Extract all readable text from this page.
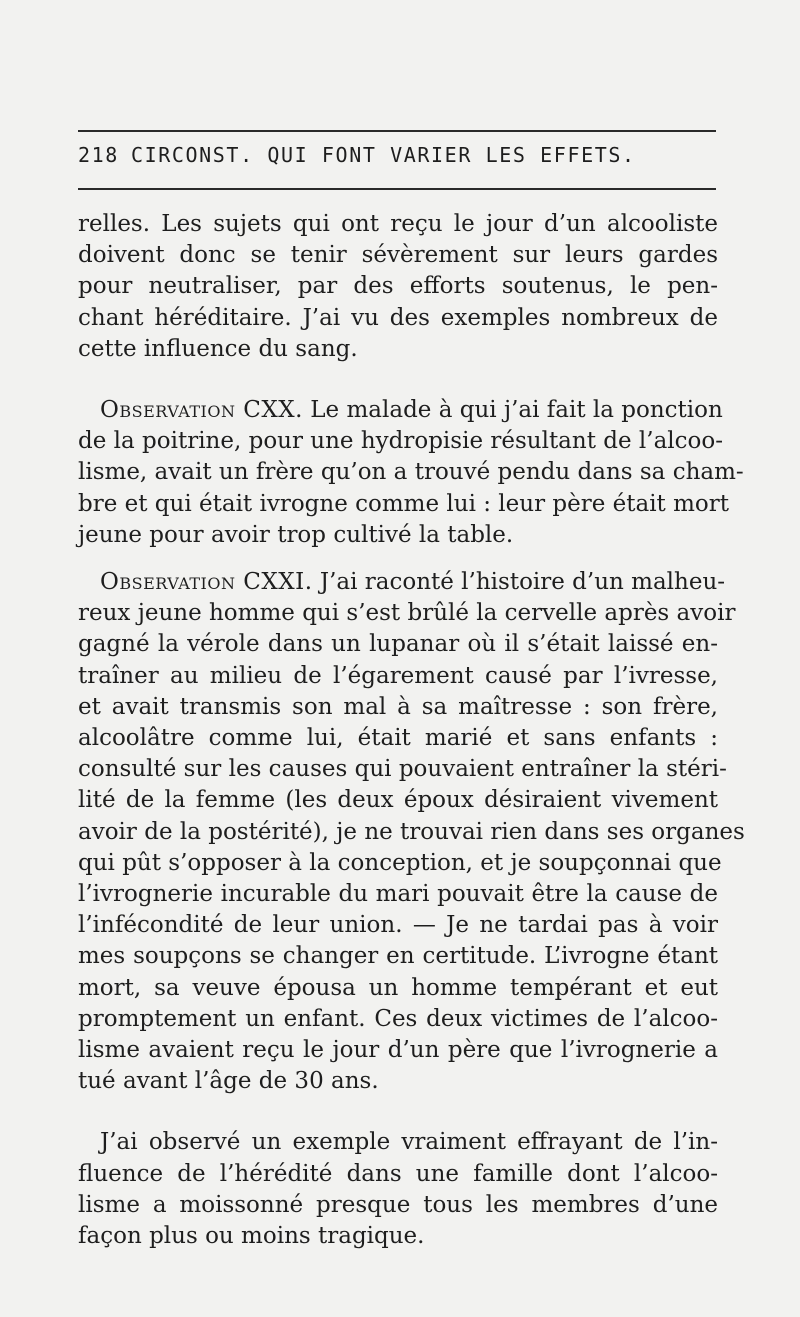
218 CIRCONST. QUI FONT VARIER LES EFFETS.
relles. Les sujets qui ont reçu le jour d’un alcooliste
doivent donc se tenir sévèrement sur leurs gardes
pour neutraliser, par des efforts soutenus, le pen-
chant héréditaire. J’ai vu des exemples nombreux de
cette influence du sang.
Observation CXX. Le malade à qui j’ai fait la ponction
de la poitrine, pour une hydropisie résultant de l’alcoo-
lisme, avait un frère qu’on a trouvé pendu dans sa cham-
bre et qui était ivrogne comme lui : leur père était mort
jeune pour avoir trop cultivé la table.
Observation CXXI. J’ai raconté l’histoire d’un malheu-
reux jeune homme qui s’est brûlé la cervelle après avoir
gagné la vérole dans un lupanar où il s’était laissé en-
traîner au milieu de l’égarement causé par l’ivresse,
et avait transmis son mal à sa maîtresse : son frère,
alcoolâtre comme lui, était marié et sans enfants :
consulté sur les causes qui pouvaient entraîner la stéri-
lité de la femme (les deux époux désiraient vivement
avoir de la postérité), je ne trouvai rien dans ses organes
qui pût s’opposer à la conception, et je soupçonnai que
l’ivrognerie incurable du mari pouvait être la cause de
l’infécondité de leur union. — Je ne tardai pas à voir
mes soupçons se changer en certitude. L’ivrogne étant
mort, sa veuve épousa un homme tempérant et eut
promptement un enfant. Ces deux victimes de l’alcoo-
lisme avaient reçu le jour d’un père que l’ivrognerie a
tué avant l’âge de 30 ans.
J’ai observé un exemple vraiment effrayant de l’in-
fluence de l’hérédité dans une famille dont l’alcoo-
lisme a moissonné presque tous les membres d’une
façon plus ou moins tragique.
